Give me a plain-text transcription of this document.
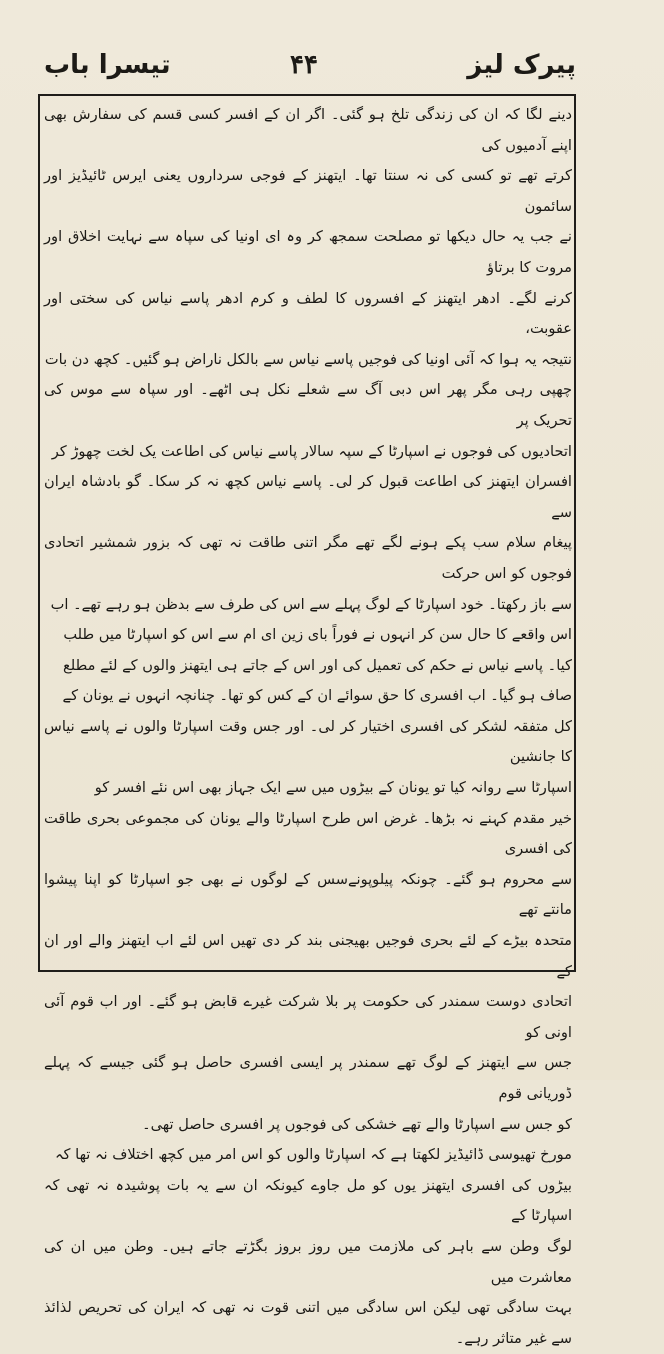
تیسرا باب	۴۴	پیرک لیز

دینے لگا کہ ان کی زندگی تلخ ہو گئی۔ اگر ان کے افسر کسی قسم کی سفارش بھی اپنے آدمیوں کی
کرتے تھے تو کسی کی نہ سنتا تھا۔ ایتھنز کے فوجی سرداروں یعنی ایرس ٹائیڈیز اور سائمون
نے جب یہ حال دیکھا تو مصلحت سمجھ کر وہ ای اونیا کی سپاہ سے نہایت اخلاق اور مروت کا برتاؤ
کرنے لگے۔ ادھر ایتھنز کے افسروں کا لطف و کرم ادھر پاسے نیاس کی سختی اور عقوبت،
نتیجہ یہ ہوا کہ آئی اونیا کی فوجیں پاسے نیاس سے بالکل ناراض ہو گئیں۔ کچھ دن بات
چھپی رہی مگر پھر اس دبی آگ سے شعلے نکل ہی اٹھے۔ اور سپاہ سے موس کی تحریک پر
اتحادیوں کی فوجوں نے اسپارٹا کے سپہ سالار پاسے نیاس کی اطاعت یک لخت چھوڑ کر
افسران ایتھنز کی اطاعت قبول کر لی۔ پاسے نیاس کچھ نہ کر سکا۔ گو بادشاہ ایران سے
پیغام سلام سب پکے ہونے لگے تھے مگر اتنی طاقت نہ تھی کہ بزور شمشیر اتحادی فوجوں کو اس حرکت
سے باز رکھتا۔ خود اسپارٹا کے لوگ پہلے سے اس کی طرف سے بدظن ہو رہے تھے۔ اب
اس واقعے کا حال سن کر انہوں نے فوراً بای زین ای ام سے اس کو اسپارٹا میں طلب
کیا۔ پاسے نیاس نے حکم کی تعمیل کی اور اس کے جاتے ہی ایتھنز والوں کے لئے مطلع
صاف ہو گیا۔ اب افسری کا حق سوائے ان کے کس کو تھا۔ چنانچہ انہوں نے یونان کے
کل متفقہ لشکر کی افسری اختیار کر لی۔ اور جس وقت اسپارٹا والوں نے پاسے نیاس کا جانشین
اسپارٹا سے روانہ کیا تو یونان کے بیڑوں میں سے ایک جہاز بھی اس نئے افسر کو
خیر مقدم کہنے نہ بڑھا۔ غرض اس طرح اسپارٹا والے یونان کی مجموعی بحری طاقت کی افسری
سے محروم ہو گئے۔ چونکہ پیلوپونےسس کے لوگوں نے بھی جو اسپارٹا کو اپنا پیشوا مانتے تھے
متحدہ بیڑے کے لئے بحری فوجیں بھیجنی بند کر دی تھیں اس لئے اب ایتھنز والے اور ان کے
اتحادی دوست سمندر کی حکومت پر بلا شرکت غیرے قابض ہو گئے۔ اور اب قوم آئی اونی کو
جس سے ایتھنز کے لوگ تھے سمندر پر ایسی افسری حاصل ہو گئی جیسے کہ پہلے ڈوریانی قوم
کو جس سے اسپارٹا والے تھے خشکی کی فوجوں پر افسری حاصل تھی۔
مورخ تھیوسی ڈائیڈیز لکھتا ہے کہ اسپارٹا والوں کو اس امر میں کچھ اختلاف نہ تھا کہ
بیڑوں کی افسری ایتھنز یوں کو مل جاوے کیونکہ ان سے یہ بات پوشیدہ نہ تھی کہ اسپارٹا کے
لوگ وطن سے باہر کی ملازمت میں روز بروز بگڑتے جاتے ہیں۔ وطن میں ان کی معاشرت میں
بہت سادگی تھی لیکن اس سادگی میں اتنی قوت نہ تھی کہ ایران کی تحریص لذائذ سے غیر متاثر رہے۔
